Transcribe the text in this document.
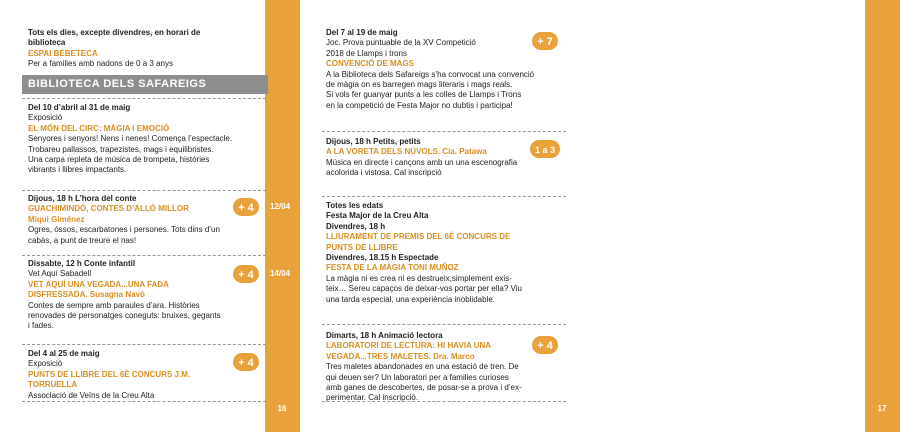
16	17
Tots els dies, excepte divendres, en horari de
biblioteca
ESPAI BEBETECA
Per a families amb nadons de 0 a 3 anys
BIBLIOTECA DELS SAFAREIGS
Del 10 d’abril al 31 de maig
Exposició
EL MÓN DEL CIRC: MÀGIA I EMOCIÓ
Senyores i senyors! Nens i nenes! Comença l’espectacle.
Trobareu pallassos, trapezistes, mags i equilibristes.
Una carpa repleta de música de trompeta, històries
vibrants i llibres impactants.
Dijous, 18 h L’hora del conte
GUACHIMINDÓ, CONTES D’ALLÒ MILLOR
Miqui Giménez
Ogres, óssos, escarbatones i persones. Tots dins d’un
cabàs, a punt de treure el nas!
+ 4	12/04
Dissabte, 12 h Conte infantil
Vet Aquí Sabadell
VET AQUÍ UNA VEGADA...UNA FADA
DISFRESSADA. Susagna Navó
Contes de sempre amb paraules d’ara. Històries
renovades de personatges coneguts: bruixes, gegants
i fades.
+ 4	14/04
Del 4 al 25 de maig
Exposició
PUNTS DE LLIBRE DEL 6È CONCURS J.M.
TORRUELLA
Associació de Veïns de la Creu Alta
+ 4
Del 7 al 19 de maig
Joc. Prova puntuable de la XV Competició
2018 de Llamps i trons
CONVENCIÓ DE MAGS
A la Biblioteca dels Safareigs s’ha convocat una convenció
de màgia on es barregen mags literaris i mags reals.
Si vols fer guanyar punts a les colles de Llamps i Trons
en la competició de Festa Major no dubtis i participa!
+ 7
Dijous, 18 h Petits, petits
A LA VORETA DELS NÚVOLS. Cia. Patawa
Música en directe i cançons amb un una escenografia
acolorida i vistosa. Cal inscripció
1 a 3	10/05
Totes les edats
Festa Major de la Creu Alta
Divendres, 18 h
LLIURAMENT DE PREMIS DEL 6È CONCURS DE
PUNTS DE LLIBRE
Divendres, 18.15 h Espectade
FESTA DE LA MÀGIA TONI MUÑOZ
La màgia ni es crea ni es destrueix,simplement exis-
teix… Sereu capaços de deixar-vos portar per ella? Viu
una tarda especial, una experiència inoblidable.
18/05
Dimarts, 18 h Animació lectora
LABORATORI DE LECTURA: HI HAVIA UNA
VEGADA...TRES MALETES. Dra. Marco
Tres maletes abandonades en una estació de tren. De
qui deuen ser? Un laboratori per a families curioses
amb ganes de descobertes, de posar-se a prova i d’ex-
perimentar. Cal inscripció.
+ 4
22/05
